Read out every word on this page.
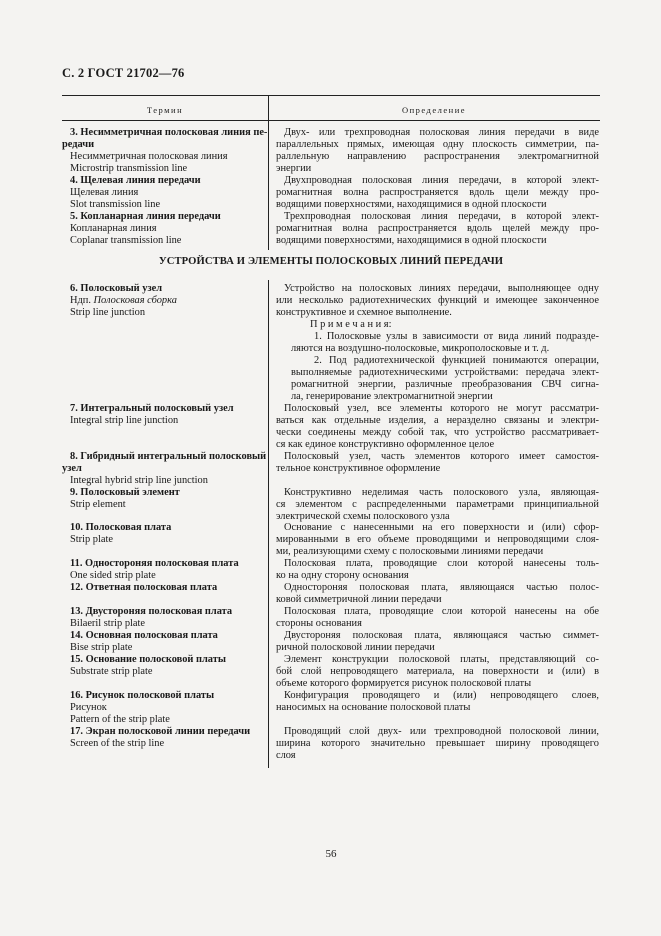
С. 2 ГОСТ 21702—76
Термин	Определение
3. Несимметричная полосковая линия пе-
редачи
Несимметричная полосковая линия
Microstrip transmission line
4. Щелевая линия передачи
Щелевая линия
Slot transmission line
5. Копланарная линия передачи
Копланарная линия
Coplanar transmission line
Двух- или трехпроводная полосковая линия передачи в виде
параллельных прямых, имеющая одну плоскость симметрии, па-
раллельную направлению распространения электромагнитной
энергии
Двухпроводная полосковая линия передачи, в которой элект-
ромагнитная волна распространяется вдоль щели между про-
водящими поверхностями, находящимися в одной плоскости
Трехпроводная полосковая линия передачи, в которой элект-
ромагнитная волна распространяется вдоль щелей между про-
водящими поверхностями, находящимися в одной плоскости
УСТРОЙСТВА И ЭЛЕМЕНТЫ ПОЛОСКОВЫХ ЛИНИЙ ПЕРЕДАЧИ
6. Полосковый узел
Ндп. Полосковая сборка
Strip line junction
7. Интегральный полосковый узел
Integral strip line junction
8. Гибридный интегральный полосковый
узел
Integral hybrid strip line junction
9. Полосковый элемент
Strip element
10. Полосковая плата
Strip plate
11. Одностороняя полосковая плата
One sided strip plate
12. Ответная полосковая плата
13. Двустороняя полосковая плата
Bilaeril strip plate
14. Основная полосковая плата
Bise strip plate
15. Основание полосковой платы
Substrate strip plate
16. Рисунок полосковой платы
Рисунок
Pattern of the strip plate
17. Экран полосковой линии передачи
Screen of the strip line
Устройство на полосковых линиях передачи, выполняющее одну
или несколько радиотехнических функций и имеющее законченное
конструктивное и схемное выполнение.
П р и м е ч а н и я:
1. Полосковые узлы в зависимости от вида линий подразде-
ляются на воздушно-полосковые, микрополосковые и т. д.
2. Под радиотехнической функцией понимаются операции,
выполняемые радиотехническими устройствами: передача элект-
ромагнитной энергии, различные преобразования СВЧ сигна-
ла, генерирование электромагнитной энергии
Полосковый узел, все элементы которого не могут рассматри-
ваться как отдельные изделия, а неразделно связаны и электри-
чески соединены между собой так, что устройство рассматривает-
ся как единое конструктивно оформленное целое
Полосковый узел, часть элементов которого имеет самостоя-
тельное конструктивное оформление
Конструктивно неделимая часть полоскового узла, являющая-
ся элементом с распределенными параметрами принципиальной
электрической схемы полоскового узла
Основание с нанесенными на его поверхности и (или) сфор-
мированными в его объеме проводящими и непроводящими слоя-
ми, реализующими схему с полосковыми линиями передачи
Полосковая плата, проводящие слои которой нанесены толь-
ко на одну сторону основания
Одностороняя полосковая плата, являющаяся частью полос-
ковой симметричной линии передачи
Полосковая плата, проводящие слои которой нанесены на обе
стороны основания
Двустороняя полосковая плата, являющаяся частью симмет-
ричной полосковой линии передачи
Элемент конструкции полосковой платы, представляющий со-
бой слой непроводящего материала, на поверхности и (или) в
объеме которого формируется рисунок полосковой платы
Конфигурация проводящего и (или) непроводящего слоев,
наносимых на основание полосковой платы
Проводящий слой двух- или трехпроводной полосковой линии,
ширина которого значительно превышает ширину проводящего
слоя
56
